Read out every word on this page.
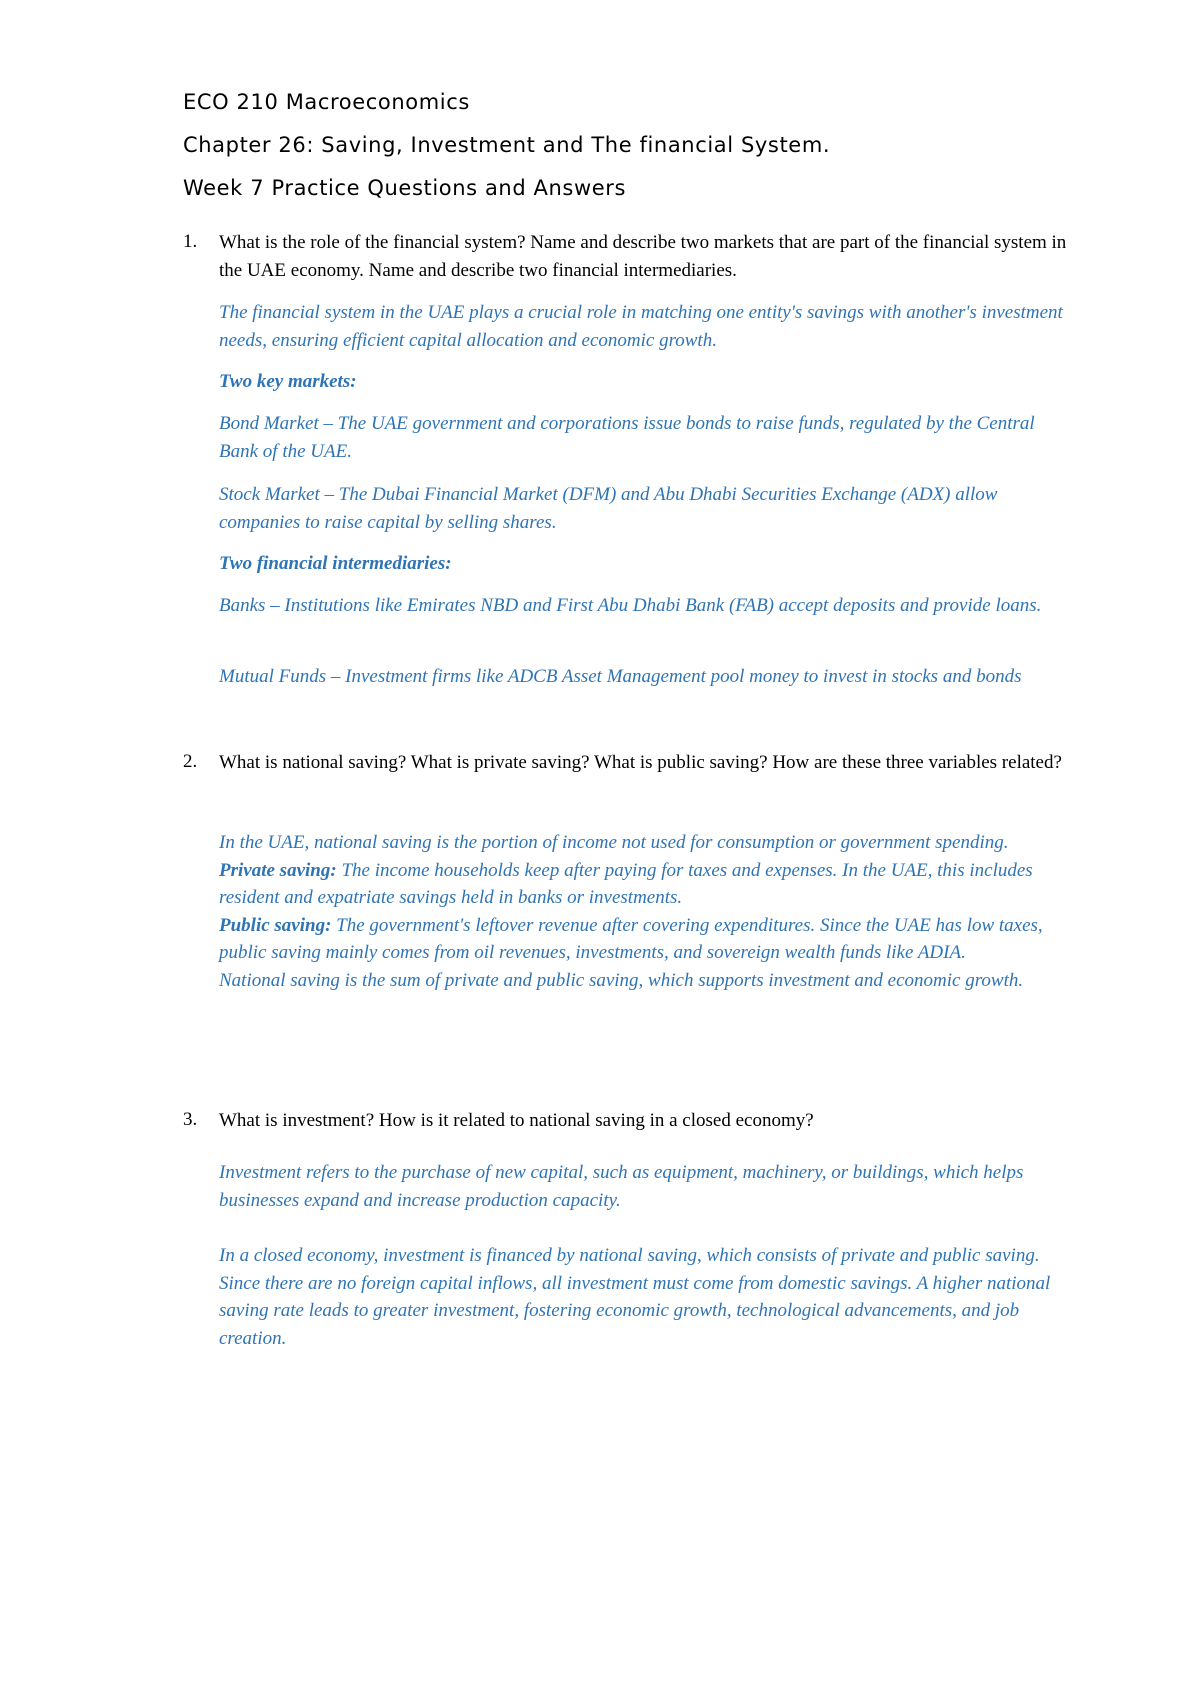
ECO 210 Macroeconomics
Chapter 26: Saving, Investment and The financial System.
Week 7 Practice Questions and Answers
1. What is the role of the financial system? Name and describe two markets that are part of the financial system in the UAE economy. Name and describe two financial intermediaries.
The financial system in the UAE plays a crucial role in matching one entity's savings with another's investment needs, ensuring efficient capital allocation and economic growth.
Two key markets:
Bond Market – The UAE government and corporations issue bonds to raise funds, regulated by the Central Bank of the UAE.
Stock Market – The Dubai Financial Market (DFM) and Abu Dhabi Securities Exchange (ADX) allow companies to raise capital by selling shares.
Two financial intermediaries:
Banks – Institutions like Emirates NBD and First Abu Dhabi Bank (FAB) accept deposits and provide loans.
Mutual Funds – Investment firms like ADCB Asset Management pool money to invest in stocks and bonds
2. What is national saving? What is private saving? What is public saving? How are these three variables related?
In the UAE, national saving is the portion of income not used for consumption or government spending.
Private saving: The income households keep after paying for taxes and expenses. In the UAE, this includes resident and expatriate savings held in banks or investments.
Public saving: The government's leftover revenue after covering expenditures. Since the UAE has low taxes, public saving mainly comes from oil revenues, investments, and sovereign wealth funds like ADIA.
National saving is the sum of private and public saving, which supports investment and economic growth.
3. What is investment? How is it related to national saving in a closed economy?
Investment refers to the purchase of new capital, such as equipment, machinery, or buildings, which helps businesses expand and increase production capacity.
In a closed economy, investment is financed by national saving, which consists of private and public saving. Since there are no foreign capital inflows, all investment must come from domestic savings. A higher national saving rate leads to greater investment, fostering economic growth, technological advancements, and job creation.
